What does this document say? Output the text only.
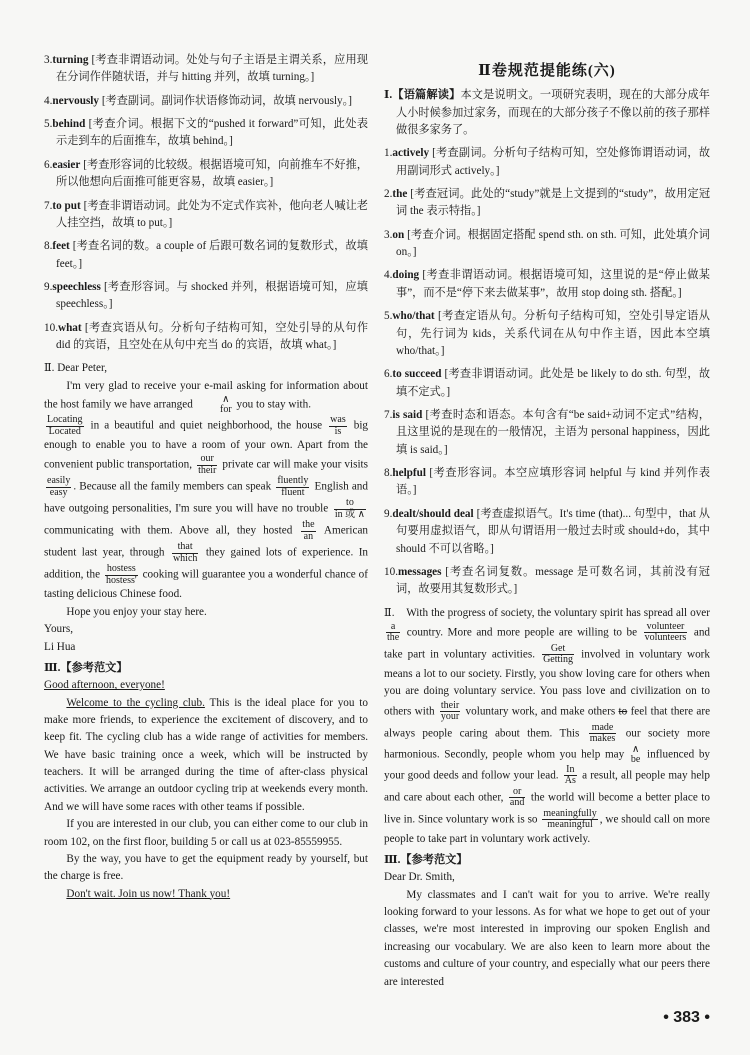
3.turning [考查非谓语动词。处处与句子主语是主谓关系，应用现在分词作伴随状语，并与 hitting 并列，故填 turning。]

4.nervously [考查副词。副词作状语修饰动词，故填 nervously。]

5.behind [考查介词。根据下文的“pushed it forward”可知，此处表示走到车的后面推车，故填 behind。]

6.easier [考查形容词的比较级。根据语境可知，向前推车不好推，所以他想向后面推可能更容易，故填 easier。]

7.to put [考查非谓语动词。此处为不定式作宾补，他向老人喊让老人挂空挡，故填 to put。]

8.feet [考查名词的数。a couple of 后跟可数名词的复数形式，故填 feet。]

9.speechless [考查形容词。与 shocked 并列，根据语境可知，应填 speechless。]

10.what [考查宾语从句。分析句子结构可知，空处引导的从句作 did 的宾语，且空处在从句中充当 do 的宾语，故填 what。]

Ⅱ. Dear Peter,

I'm very glad to receive your e-mail asking for information about the host family we have arranged	∧
for you to stay with.

$\frac{\text{Locating}}{\text{Located}}$ in a beautiful and quiet neighborhood, the house $\frac{\text{was}}{is}$ big enough to enable you to have a room of your own. Apart from the convenient public transportation, $\frac{\text{our}}{\text{their}}$ private car will make your visits
$\frac{\text{easily}}{\text{easy}}$ . Because all the family members can speak $\frac{\text{fluently}}{\text{fluent}}$ English and have outgoing personalities, I'm sure you will have no trouble $\frac{to}{\text{in 或 ∧}}$
communicating with them. Above all, they hosted $\frac{\text{the}}{an}$ American student last year, through $\frac{\text{that}}{\text{which}}$ they gained lots of experience. In addition, the $\frac{\text{hostess}}{\text{hostess'}}$ cooking will guarantee you a wonderful chance of tasting delicious Chinese food.

Hope you enjoy your stay here.

Yours,

Li Hua

Ⅲ.【参考范文】

Good afternoon, everyone!

Welcome to the cycling club. This is the ideal place for you to make more friends, to experience the excitement of discovery, and to keep fit. The cycling club has a wide range of activities for members. We have basic training once a week, which will be instructed by teachers. It will be arranged during the time of after-class physical activities. We arrange an outdoor cycling trip at weekends every month. And we will have some races with other teams if possible.

If you are interested in our club, you can either come to our club in room 102, on the first floor, building 5 or call us at 023-85559955.

By the way, you have to get the equipment ready by yourself, but the charge is free.

Don't wait. Join us now! Thank you!

Ⅱ卷规范提能练(六)

Ⅰ.【语篇解读】本文是说明文。一项研究表明，现在的大部分成年人小时候参加过家务，而现在的大部分孩子不像以前的孩子那样做很多家务了。

1.actively [考查副词。分析句子结构可知，空处修饰谓语动词，故用副词形式 actively。]

2.the [考查冠词。此处的“study”就是上文提到的“study”，故用定冠词 the 表示特指。]

3.on [考查介词。根据固定搭配 spend sth. on sth. 可知，此处填介词 on。]

4.doing [考查非谓语动词。根据语境可知，这里说的是“停止做某事”，而不是“停下来去做某事”，故用 stop doing sth. 搭配。]

5.who/that [考查定语从句。分析句子结构可知，空处引导定语从句，先行词为 kids，关系代词在从句中作主语，因此本空填 who/that。]

6.to succeed [考查非谓语动词。此处是 be likely to do sth. 句型，故填不定式。]

7.is said [考查时态和语态。本句含有“be said+动词不定式”结构，且这里说的是现在的一般情况，主语为 personal happiness，因此填 is said。]

8.helpful [考查形容词。本空应填形容词 helpful 与 kind 并列作表语。]

9.dealt/should deal [考查虚拟语气。It's time (that)... 句型中，that 从句要用虚拟语气，即从句谓语用一般过去时或 should+do，其中 should 不可以省略。]

10.messages [考查名词复数。message 是可数名词，其前没有冠词，故要用其复数形式。]

Ⅱ. With the progress of society, the voluntary spirit has spread all over
$\frac{a}{\text{the}}$ country. More and more people are willing to be $\frac{\text{volunteer}}{\text{volunteers}}$ and take part in voluntary activities. $\frac{\text{Get}}{\text{Getting}}$ involved in voluntary work means a lot to our society. Firstly, you show loving care for others when you are doing voluntary service. You pass love and civilization on to others with $\frac{\text{their}}{\text{your}}$ voluntary work, and make others to feel that there are always people caring about them. This $\frac{\text{made}}{\text{makes}}$ our society more harmonious. Secondly, people whom you help may ∧
be influenced by your good deeds and follow your lead. $\frac{In}{As}$ a result, all people may help and care about each other, $\frac{or}{\text{and}}$ the world will become a better place to live in. Since voluntary work is so $\frac{\text{meaningfully}}{\text{meaningful}}$ , we should call on more people to take part in voluntary work actively.

Ⅲ.【参考范文】

Dear Dr. Smith,

My classmates and I can't wait for you to arrive. We're really looking forward to your lessons. As for what we hope to get out of your classes, we're most interested in improving our spoken English and increasing our vocabulary. We are also keen to learn more about the customs and culture of your country, and especially what our peers there are interested

• 383 •
